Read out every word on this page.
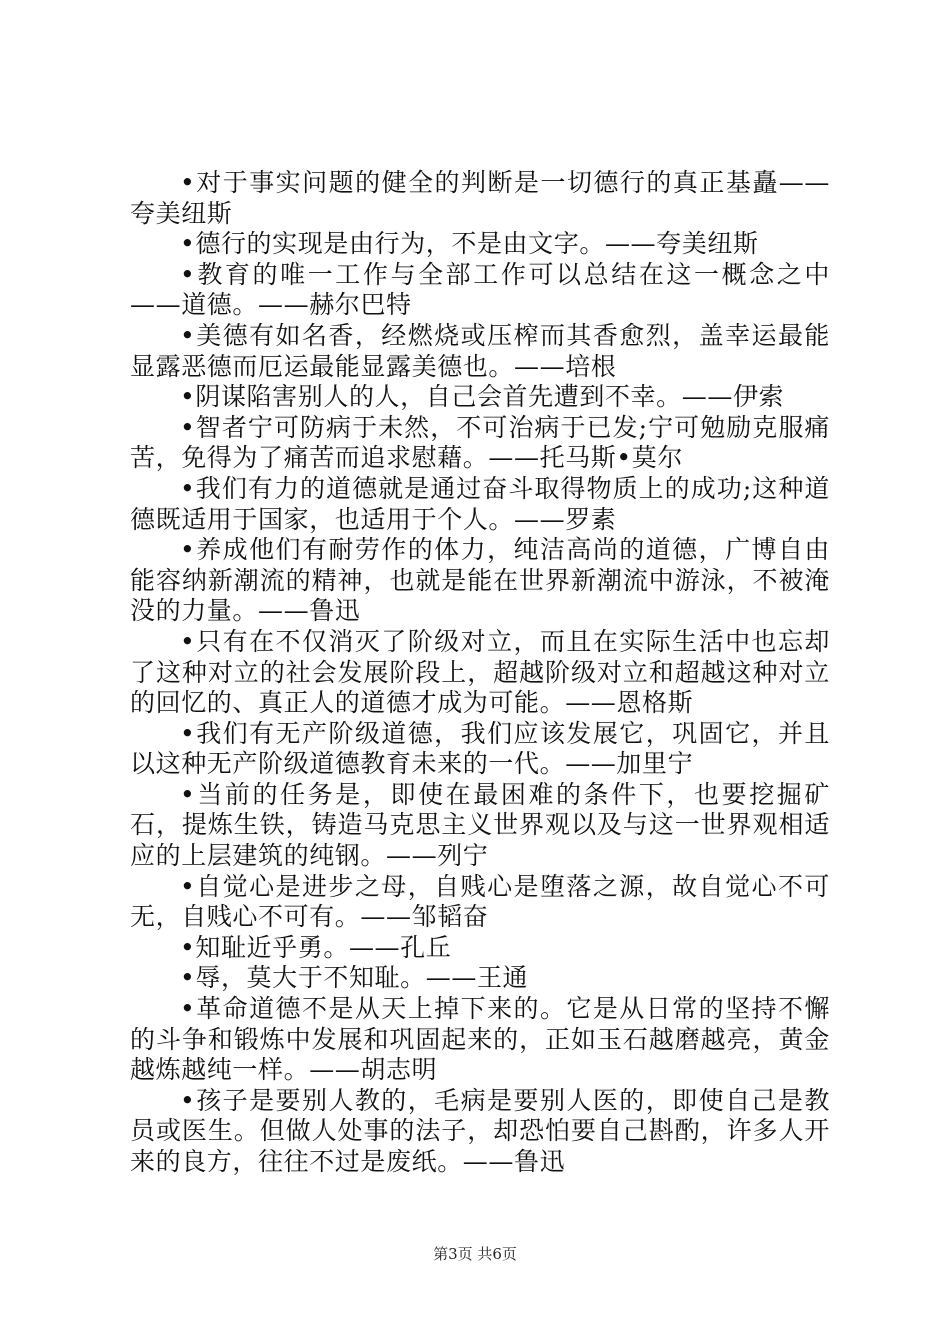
•对于事实问题的健全的判断是一切德行的真正基矗——夸美纽斯

•德行的实现是由行为，不是由文字。——夸美纽斯

•教育的唯一工作与全部工作可以总结在这一概念之中——道德。——赫尔巴特

•美德有如名香，经燃烧或压榨而其香愈烈，盖幸运最能显露恶德而厄运最能显露美德也。——培根

•阴谋陷害别人的人，自己会首先遭到不幸。——伊索

•智者宁可防病于未然，不可治病于已发;宁可勉励克服痛苦，免得为了痛苦而追求慰藉。——托马斯•莫尔

•我们有力的道德就是通过奋斗取得物质上的成功;这种道德既适用于国家，也适用于个人。——罗素

•养成他们有耐劳作的体力，纯洁高尚的道德，广博自由能容纳新潮流的精神，也就是能在世界新潮流中游泳，不被淹没的力量。——鲁迅

•只有在不仅消灭了阶级对立，而且在实际生活中也忘却了这种对立的社会发展阶段上，超越阶级对立和超越这种对立的回忆的、真正人的道德才成为可能。——恩格斯

•我们有无产阶级道德，我们应该发展它，巩固它，并且以这种无产阶级道德教育未来的一代。——加里宁

•当前的任务是，即使在最困难的条件下，也要挖掘矿石，提炼生铁，铸造马克思主义世界观以及与这一世界观相适应的上层建筑的纯钢。——列宁

•自觉心是进步之母，自贱心是堕落之源，故自觉心不可无，自贱心不可有。——邹韬奋

•知耻近乎勇。——孔丘

•辱，莫大于不知耻。——王通

•革命道德不是从天上掉下来的。它是从日常的坚持不懈的斗争和锻炼中发展和巩固起来的，正如玉石越磨越亮，黄金越炼越纯一样。——胡志明

•孩子是要别人教的，毛病是要别人医的，即使自己是教员或医生。但做人处事的法子，却恐怕要自己斟酌，许多人开来的良方，往往不过是废纸。——鲁迅

第3页 共6页
